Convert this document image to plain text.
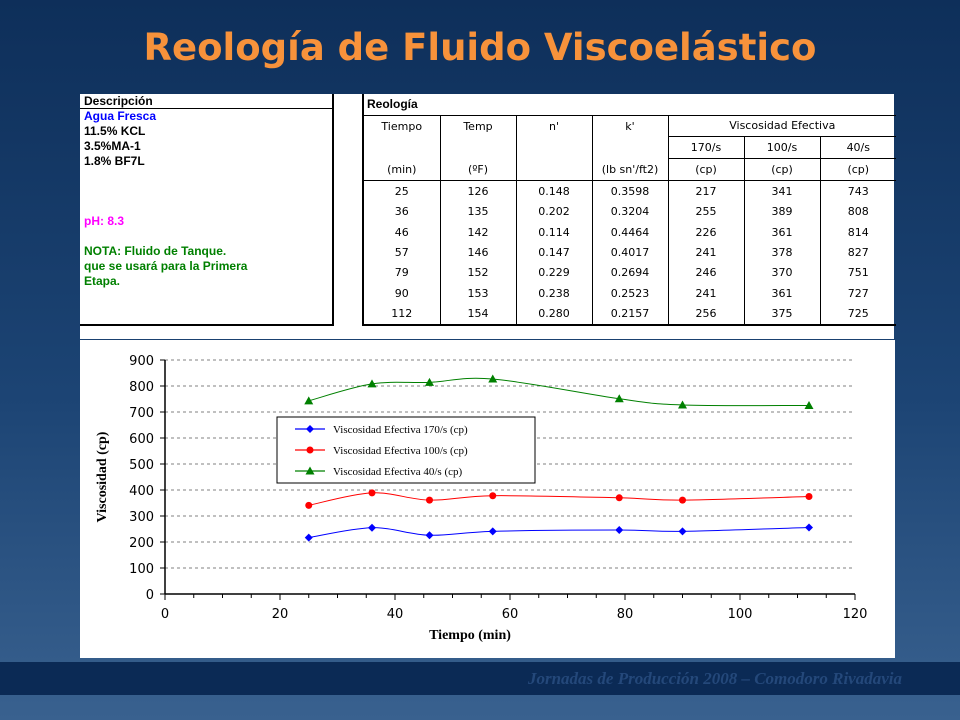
Reología de Fluido Viscoelástico
Descripción
Agua Fresca
11.5% KCL
3.5%MA-1
1.8% BF7L

pH: 8.3

NOTA: Fluido de Tanque.
que se usará para la Primera
Etapa.
Reología						
Tiempo	Temp	n'	k'	Viscosidad Efectiva		
				170/s	100/s	40/s
(min)	(ºF)		(lb sn'/ft2)	(cp)	(cp)	(cp)
25	126	0.148	0.3598	217	341	743
36	135	0.202	0.3204	255	389	808
46	142	0.114	0.4464	226	361	814
57	146	0.147	0.4017	241	378	827
79	152	0.229	0.2694	246	370	751
90	153	0.238	0.2523	241	361	727
112	154	0.280	0.2157	256	375	725

0
100
200
300
400
500
600
700
800
900
0	20	40	60	80	100	120
Tiempo (min)
Viscosidad (cp)
Viscosidad Efectiva 170/s (cp)
Viscosidad Efectiva 100/s (cp)
Viscosidad Efectiva 40/s (cp)
Jornadas de Producción 2008 – Comodoro Rivadavia
